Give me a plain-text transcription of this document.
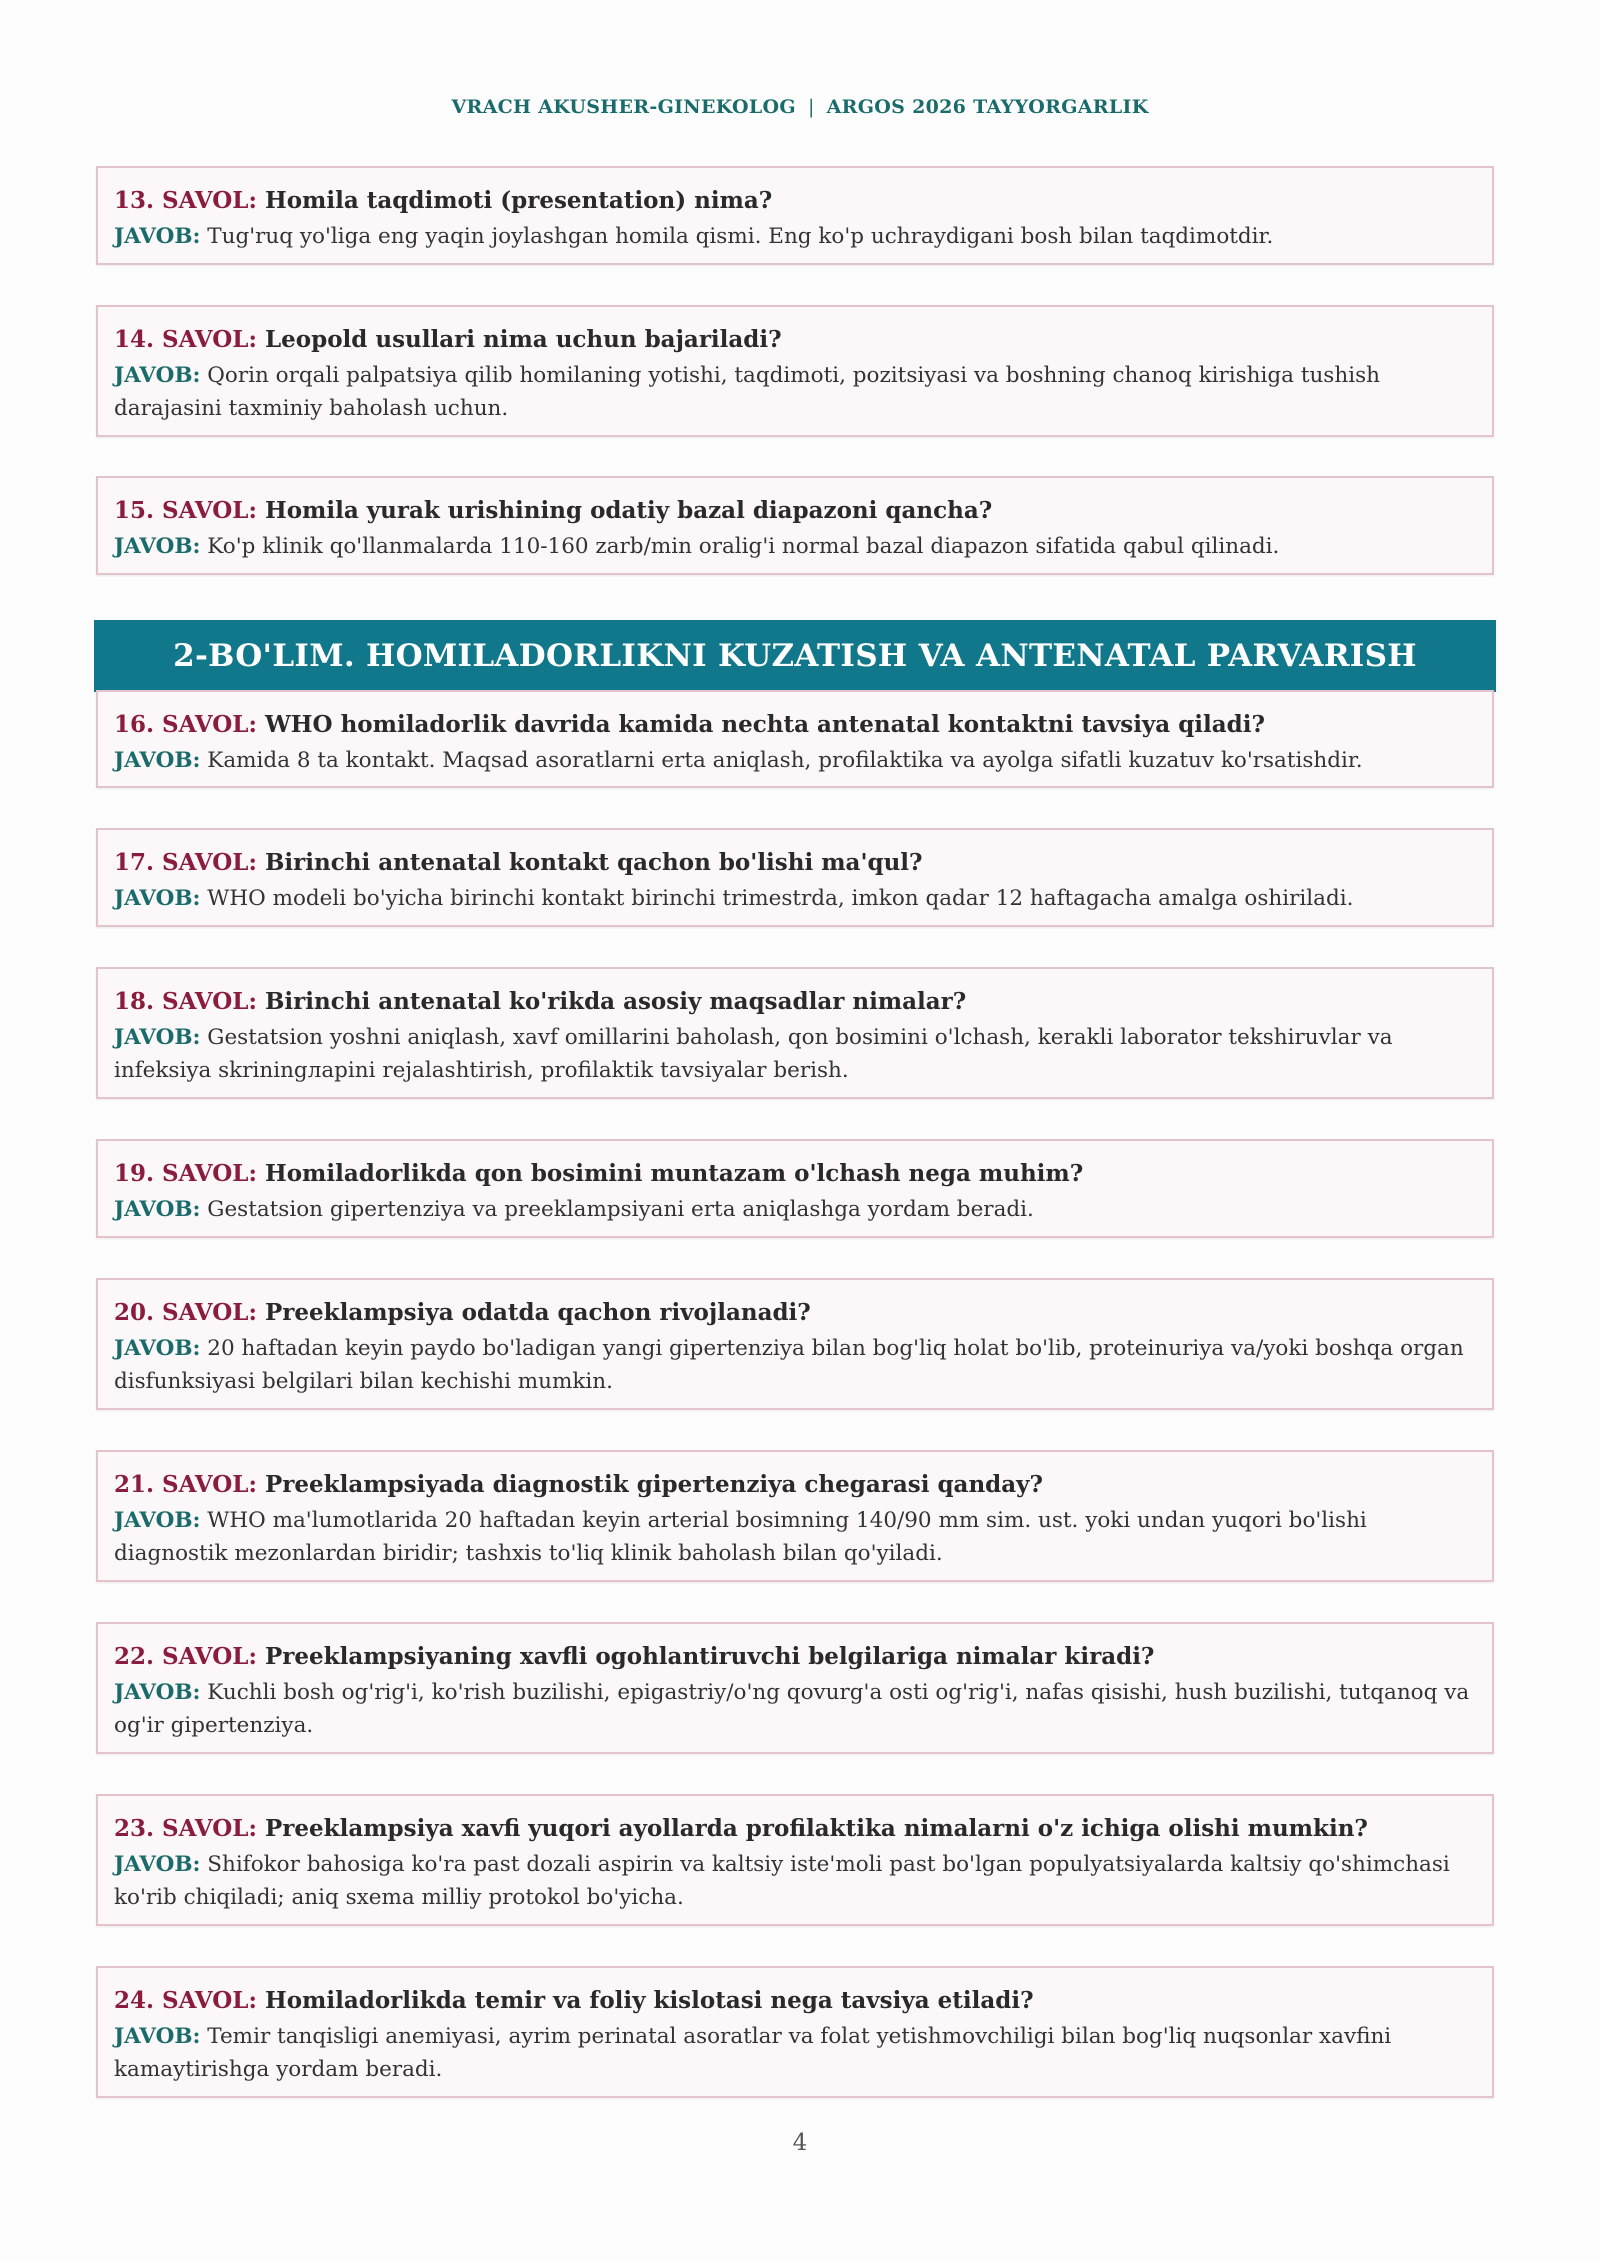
VRACH AKUSHER-GINEKOLOG | ARGOS 2026 TAYYORGARLIK
13. SAVOL: Homila taqdimoti (presentation) nima?
JAVOB: Tug'ruq yo'liga eng yaqin joylashgan homila qismi. Eng ko'p uchraydigani bosh bilan taqdimotdir.
14. SAVOL: Leopold usullari nima uchun bajariladi?
JAVOB: Qorin orqali palpatsiya qilib homilaning yotishi, taqdimoti, pozitsiyasi va boshning chanoq kirishiga tushish darajasini taxminiy baholash uchun.
15. SAVOL: Homila yurak urishining odatiy bazal diapazoni qancha?
JAVOB: Ko'p klinik qo'llanmalarda 110-160 zarb/min oralig'i normal bazal diapazon sifatida qabul qilinadi.
2-BO'LIM. HOMILADORLIKNI KUZATISH VA ANTENATAL PARVARISH
16. SAVOL: WHO homiladorlik davrida kamida nechta antenatal kontaktni tavsiya qiladi?
JAVOB: Kamida 8 ta kontakt. Maqsad asoratlarni erta aniqlash, profilaktika va ayolga sifatli kuzatuv ko'rsatishdir.
17. SAVOL: Birinchi antenatal kontakt qachon bo'lishi ma'qul?
JAVOB: WHO modeli bo'yicha birinchi kontakt birinchi trimestrda, imkon qadar 12 haftagacha amalga oshiriladi.
18. SAVOL: Birinchi antenatal ko'rikda asosiy maqsadlar nimalar?
JAVOB: Gestatsion yoshni aniqlash, xavf omillarini baholash, qon bosimini o'lchash, kerakli laborator tekshiruvlar va infeksiya skriningларini rejalashtirish, profilaktik tavsiyalar berish.
19. SAVOL: Homiladorlikda qon bosimini muntazam o'lchash nega muhim?
JAVOB: Gestatsion gipertenziya va preeklampsiyani erta aniqlashga yordam beradi.
20. SAVOL: Preeklampsiya odatda qachon rivojlanadi?
JAVOB: 20 haftadan keyin paydo bo'ladigan yangi gipertenziya bilan bog'liq holat bo'lib, proteinuriya va/yoki boshqa organ disfunksiyasi belgilari bilan kechishi mumkin.
21. SAVOL: Preeklampsiyada diagnostik gipertenziya chegarasi qanday?
JAVOB: WHO ma'lumotlarida 20 haftadan keyin arterial bosimning 140/90 mm sim. ust. yoki undan yuqori bo'lishi diagnostik mezonlardan biridir; tashxis to'liq klinik baholash bilan qo'yiladi.
22. SAVOL: Preeklampsiyaning xavfli ogohlantiruvchi belgilariga nimalar kiradi?
JAVOB: Kuchli bosh og'rig'i, ko'rish buzilishi, epigastriy/o'ng qovurg'a osti og'rig'i, nafas qisishi, hush buzilishi, tutqanoq va og'ir gipertenziya.
23. SAVOL: Preeklampsiya xavfi yuqori ayollarda profilaktika nimalarni o'z ichiga olishi mumkin?
JAVOB: Shifokor bahosiga ko'ra past dozali aspirin va kaltsiy iste'moli past bo'lgan populyatsiyalarda kaltsiy qo'shimchasi ko'rib chiqiladi; aniq sxema milliy protokol bo'yicha.
24. SAVOL: Homiladorlikda temir va foliy kislotasi nega tavsiya etiladi?
JAVOB: Temir tanqisligi anemiyasi, ayrim perinatal asoratlar va folat yetishmovchiligi bilan bog'liq nuqsonlar xavfini kamaytirishga yordam beradi.
4
